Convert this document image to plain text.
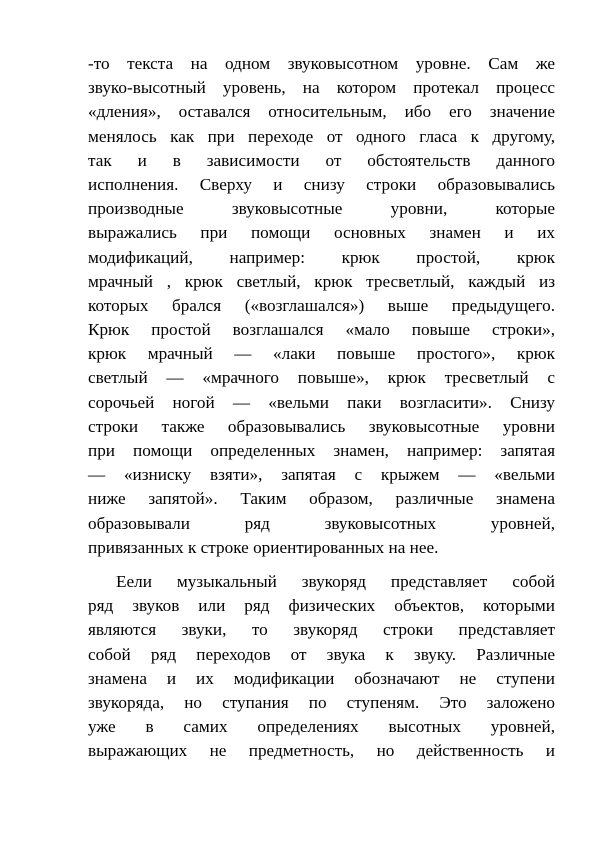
-то текста на одном звуковысотном уровне. Сам же
звуко-высотный уровень, на котором протекал процесс
«дления», оставался относительным, ибо его значение
менялось как при переходе от одного гласа к другому,
так и в зависимости от обстоятельств данного
исполнения. Сверху и снизу строки образовывались
производные звуковысотные уровни, которые
выражались при помощи основных знамен и их
модификаций, например: крюк простой, крюк
мрачный , крюк светлый, крюк тресветлый, каждый из
которых брался («возглашался») выше предыдущего.
Крюк простой возглашался «мало повыше строки»,
крюк мрачный — «лаки повыше простого», крюк
светлый — «мрачного повыше», крюк тресветлый с
сорочьей ногой — «вельми паки возгласити». Снизу
строки также образовывались звуковысотные уровни
при помощи определенных знамен, например: запятая
— «изниску взяти», запятая с крыжем — «вельми
ниже запятой». Таким образом, различные знамена
образовывали ряд звуковысотных уровней,
привязанных к строке ориентированных на нее.
Еели музыкальный звукоряд представляет собой
ряд звуков или ряд физических объектов, которыми
являются звуки, то звукоряд строки представляет
собой ряд переходов от звука к звуку. Различные
знамена и их модификации обозначают не ступени
звукоряда, но ступания по ступеням. Это заложено
уже в самих определениях высотных уровней,
выражающих не предметность, но действенность и
